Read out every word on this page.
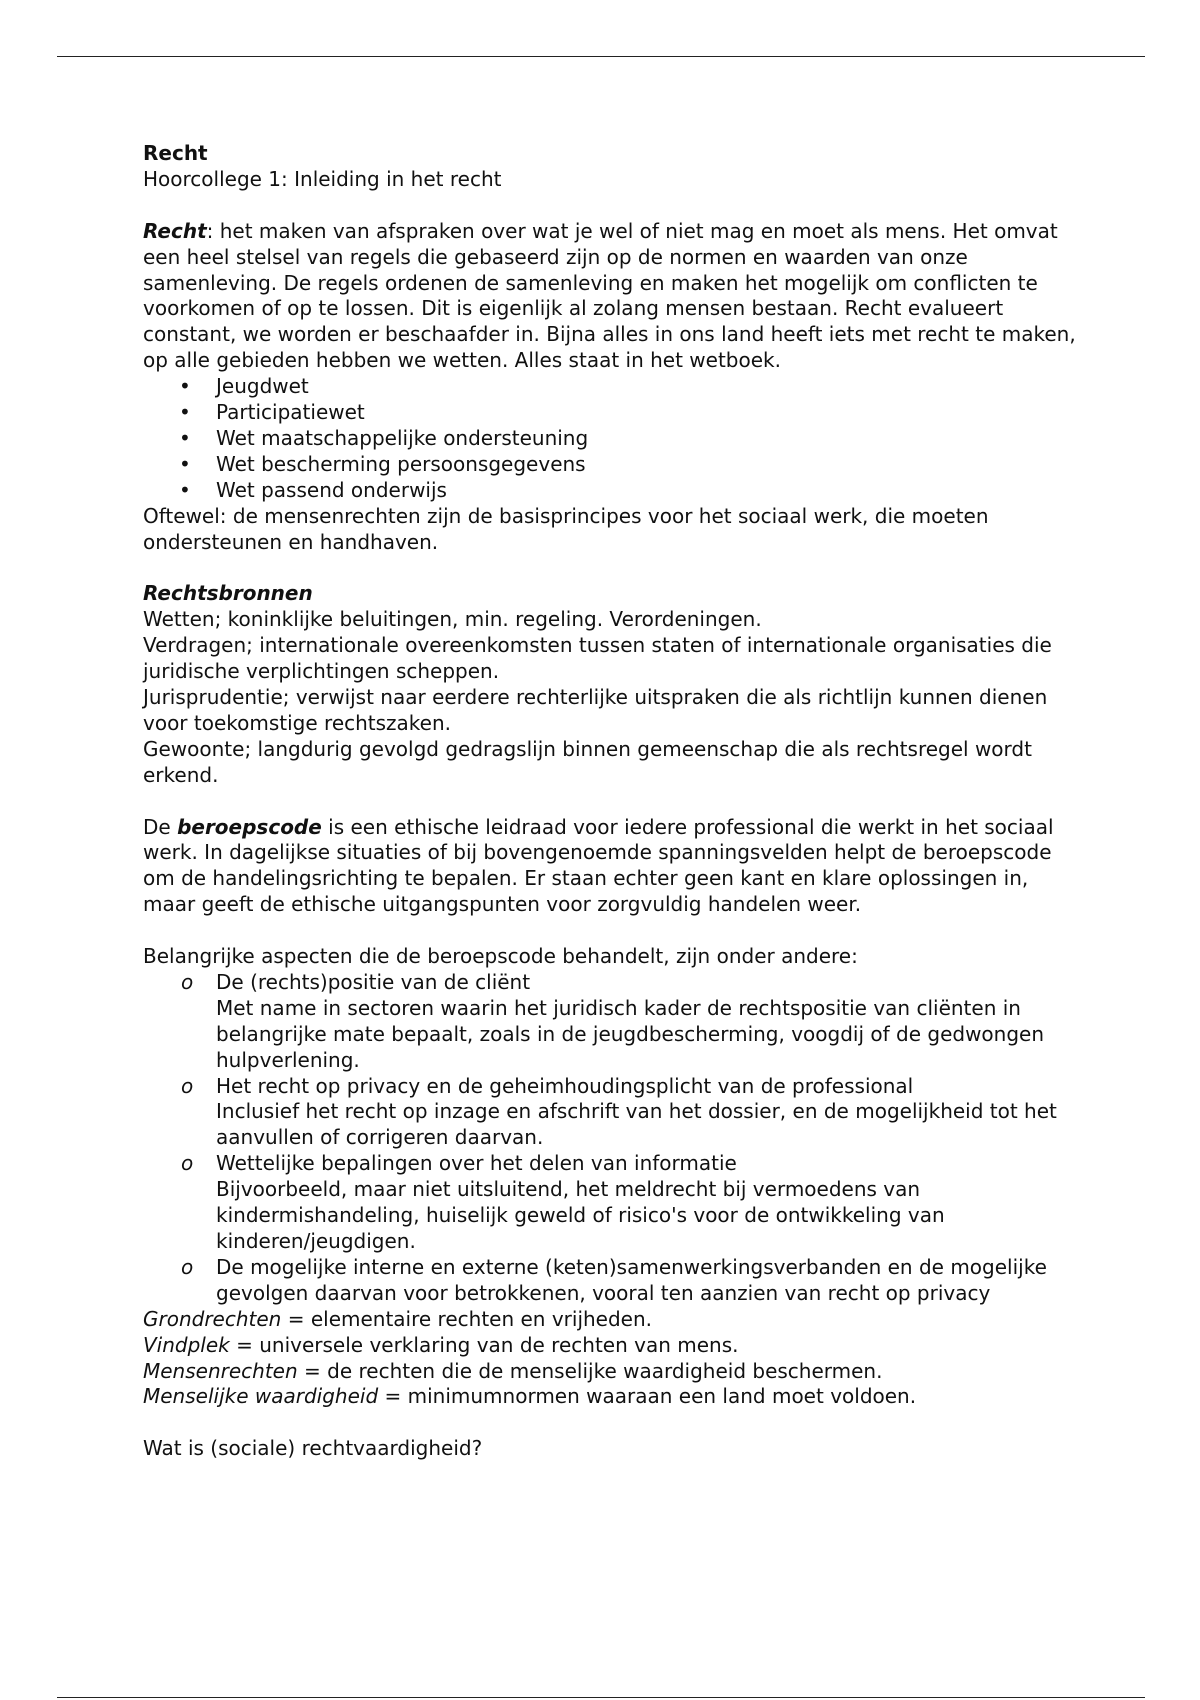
Recht

Hoorcollege 1: Inleiding in het recht

Recht: het maken van afspraken over wat je wel of niet mag en moet als mens. Het omvat een heel stelsel van regels die gebaseerd zijn op de normen en waarden van onze samenleving. De regels ordenen de samenleving en maken het mogelijk om conflicten te voorkomen of op te lossen. Dit is eigenlijk al zolang mensen bestaan. Recht evalueert constant, we worden er beschaafder in. Bijna alles in ons land heeft iets met recht te maken, op alle gebieden hebben we wetten. Alles staat in het wetboek.

• Jeugdwet
• Participatiewet
• Wet maatschappelijke ondersteuning
• Wet bescherming persoonsgegevens
• Wet passend onderwijs

Oftewel: de mensenrechten zijn de basisprincipes voor het sociaal werk, die moeten ondersteunen en handhaven.

Rechtsbronnen

Wetten; koninklijke beluitingen, min. regeling. Verordeningen.

Verdragen; internationale overeenkomsten tussen staten of internationale organisaties die juridische verplichtingen scheppen.

Jurisprudentie; verwijst naar eerdere rechterlijke uitspraken die als richtlijn kunnen dienen voor toekomstige rechtszaken.

Gewoonte; langdurig gevolgd gedragslijn binnen gemeenschap die als rechtsregel wordt erkend.

De beroepscode is een ethische leidraad voor iedere professional die werkt in het sociaal werk. In dagelijkse situaties of bij bovengenoemde spanningsvelden helpt de beroepscode om de handelingsrichting te bepalen. Er staan echter geen kant en klare oplossingen in, maar geeft de ethische uitgangspunten voor zorgvuldig handelen weer.

Belangrijke aspecten die de beroepscode behandelt, zijn onder andere:

o De (rechts)positie van de cliënt
Met name in sectoren waarin het juridisch kader de rechtspositie van cliënten in belangrijke mate bepaalt, zoals in de jeugdbescherming, voogdij of de gedwongen hulpverlening.
o Het recht op privacy en de geheimhoudingsplicht van de professional
Inclusief het recht op inzage en afschrift van het dossier, en de mogelijkheid tot het aanvullen of corrigeren daarvan.
o Wettelijke bepalingen over het delen van informatie
Bijvoorbeeld, maar niet uitsluitend, het meldrecht bij vermoedens van kindermishandeling, huiselijk geweld of risico's voor de ontwikkeling van kinderen/jeugdigen.
o De mogelijke interne en externe (keten)samenwerkingsverbanden en de mogelijke gevolgen daarvan voor betrokkenen, vooral ten aanzien van recht op privacy

Grondrechten = elementaire rechten en vrijheden.

Vindplek = universele verklaring van de rechten van mens.

Mensenrechten = de rechten die de menselijke waardigheid beschermen.

Menselijke waardigheid = minimumnormen waaraan een land moet voldoen.

Wat is (sociale) rechtvaardigheid?
